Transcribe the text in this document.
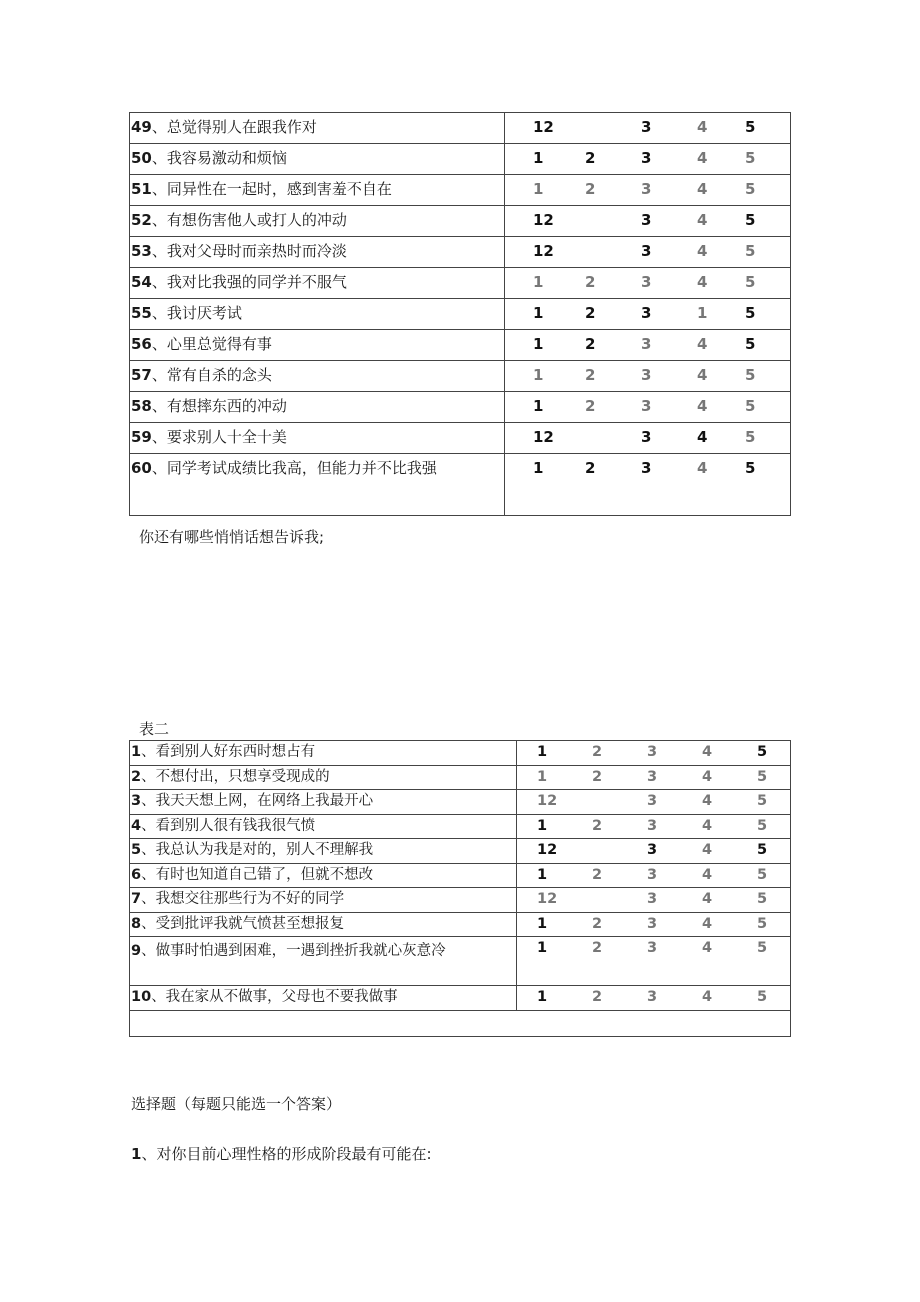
49、总觉得别人在跟我作对	12 3 4 5

50、我容易激动和烦恼	1 2 3 4 5

51、同异性在一起时，感到害羞不自在	1 2 3 4 5

52、有想伤害他人或打人的冲动	12 3 4 5

53、我对父母时而亲热时而冷淡	12 3 4 5

54、我对比我强的同学并不服气	1 2 3 4 5

55、我讨厌考试	1 2 3 1 5

56、心里总觉得有事	1 2 3 4 5

57、常有自杀的念头	1 2 3 4 5

58、有想摔东西的冲动	1 2 3 4 5

59、要求别人十全十美	12 3 4 5

60、同学考试成绩比我高，但能力并不比我强	1 2 3 4 5
你还有哪些悄悄话想告诉我;
表二
1、看到别人好东西时想占有	1 2 3 4 5

2、不想付出，只想享受现成的	1 2 3 4 5

3、我天天想上网，在网络上我最开心	12 3 4 5

4、看到别人很有钱我很气愤	1 2 3 4 5

5、我总认为我是对的，别人不理解我	12 3 4 5

6、有时也知道自己错了，但就不想改	1 2 3 4 5

7、我想交往那些行为不好的同学	12 3 4 5

8、受到批评我就气愤甚至想报复	1 2 3 4 5

9、做事时怕遇到困难，一遇到挫折我就心灰意冷	1 2 3 4 5

10、我在家从不做事，父母也不要我做事	1 2 3 4 5

选择题（每题只能选一个答案）
1、对你目前心理性格的形成阶段最有可能在:
